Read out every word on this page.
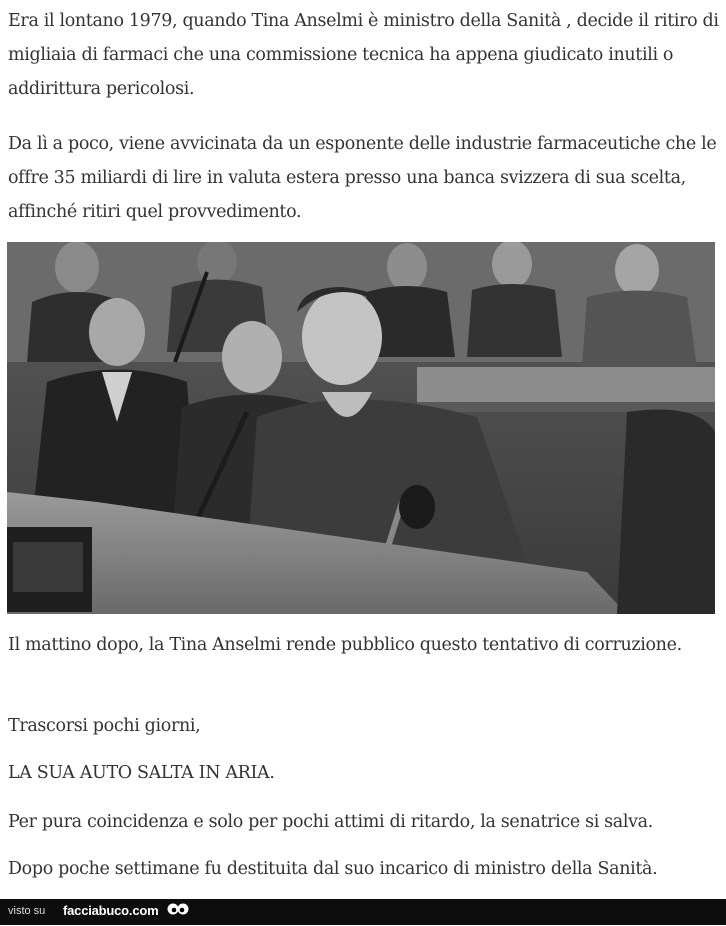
Era il lontano 1979, quando Tina Anselmi è ministro della Sanità , decide il ritiro di migliaia di farmaci che una commissione tecnica ha appena giudicato inutili o addirittura pericolosi.

Da lì a poco, viene avvicinata da un esponente delle industrie farmaceutiche che le offre 35 miliardi di lire in valuta estera presso una banca svizzera di sua scelta, affinché ritiri quel provvedimento.

Il mattino dopo, la Tina Anselmi rende pubblico questo tentativo di corruzione.

Trascorsi pochi giorni,

LA SUA AUTO SALTA IN ARIA.

Per pura coincidenza e solo per pochi attimi di ritardo, la senatrice si salva.

Dopo poche settimane fu destituita dal suo incarico di ministro della Sanità.

visto su facciabuco.com
